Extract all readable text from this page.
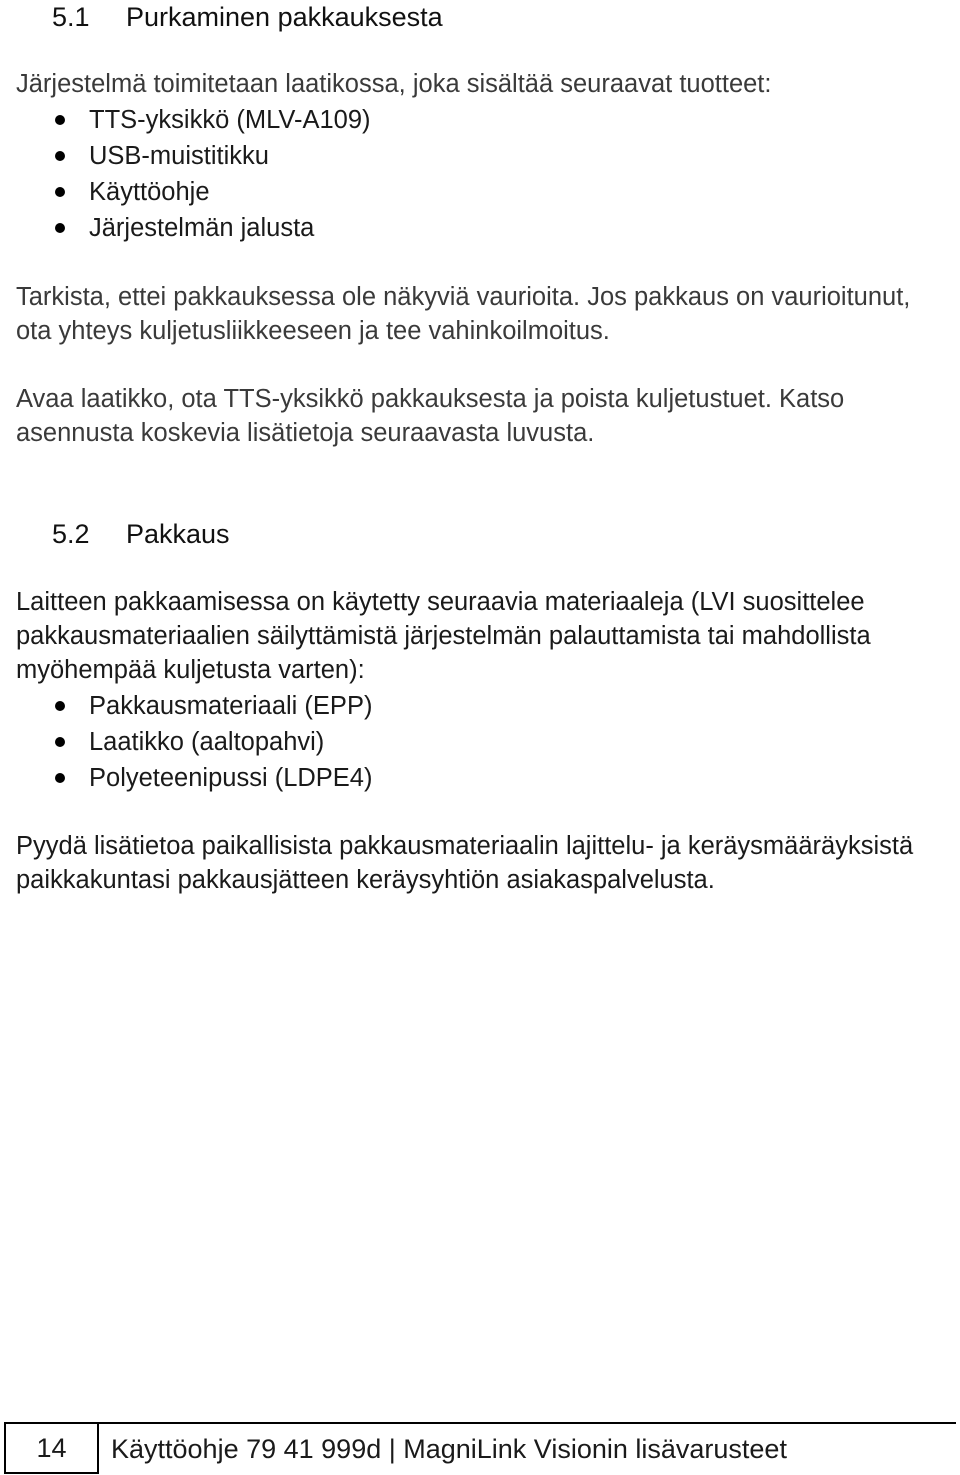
5.1 Purkaminen pakkauksesta

Järjestelmä toimitetaan laatikossa, joka sisältää seuraavat tuotteet:

TTS-yksikkö (MLV-A109)
USB-muistitikku
Käyttöohje
Järjestelmän jalusta

Tarkista, ettei pakkauksessa ole näkyviä vaurioita. Jos pakkaus on vaurioitunut, ota yhteys kuljetusliikkeeseen ja tee vahinkoilmoitus.

Avaa laatikko, ota TTS-yksikkö pakkauksesta ja poista kuljetustuet. Katso asennusta koskevia lisätietoja seuraavasta luvusta.

5.2 Pakkaus

Laitteen pakkaamisessa on käytetty seuraavia materiaaleja (LVI suosittelee pakkausmateriaalien säilyttämistä järjestelmän palauttamista tai mahdollista myöhempää kuljetusta varten):

Pakkausmateriaali (EPP)
Laatikko (aaltopahvi)
Polyeteenipussi (LDPE4)

Pyydä lisätietoa paikallisista pakkausmateriaalin lajittelu- ja keräysmääräyksistä paikkakuntasi pakkausjätteen keräysyhtiön asiakaspalvelusta.

14	Käyttöohje 79 41 999d | MagniLink Visionin lisävarusteet
